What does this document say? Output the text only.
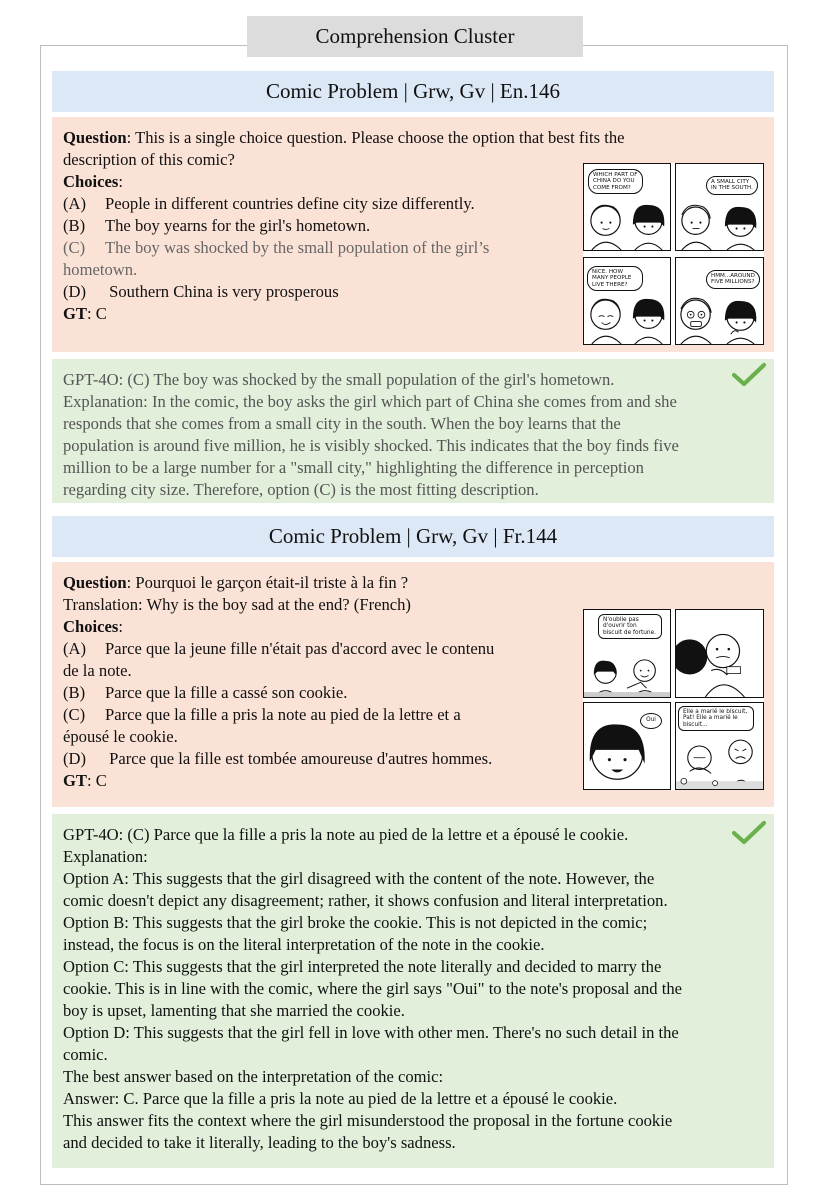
Comprehension Cluster
Comic Problem | Grw, Gv | En.146
Question: This is a single choice question. Please choose the option that best fits the
description of this comic?
Choices:
(A) People in different countries define city size differently.
(B) The boy yearns for the girl's hometown.
(C) The boy was shocked by the small population of the girl’s
hometown.
(D) Southern China is very prosperous
GT: C
WHICH PART OF CHINA DO YOU COME FROM?
A SMALL CITY IN THE SOUTH.
NICE. HOW MANY PEOPLE LIVE THERE?
HMM...AROUND FIVE MILLIONS?
GPT-4O: (C) The boy was shocked by the small population of the girl's hometown.
Explanation: In the comic, the boy asks the girl which part of China she comes from and she
responds that she comes from a small city in the south. When the boy learns that the
population is around five million, he is visibly shocked. This indicates that the boy finds five
million to be a large number for a "small city," highlighting the difference in perception
regarding city size. Therefore, option (C) is the most fitting description.
Comic Problem | Grw, Gv | Fr.144
Question: Pourquoi le garçon était-il triste à la fin ?
Translation: Why is the boy sad at the end? (French)
Choices:
(A) Parce que la jeune fille n'était pas d'accord avec le contenu
de la note.
(B) Parce que la fille a cassé son cookie.
(C) Parce que la fille a pris la note au pied de la lettre et a
épousé le cookie.
(D) Parce que la fille est tombée amoureuse d'autres hommes.
GT: C
N'oublie pas d'ouvrir ton biscuit de fortune.
Oui
Elle a marié le biscuit, Pat! Elle a marié le biscuit...
GPT-4O: (C) Parce que la fille a pris la note au pied de la lettre et a épousé le cookie.
Explanation:
Option A: This suggests that the girl disagreed with the content of the note. However, the
comic doesn't depict any disagreement; rather, it shows confusion and literal interpretation.
Option B: This suggests that the girl broke the cookie. This is not depicted in the comic;
instead, the focus is on the literal interpretation of the note in the cookie.
Option C: This suggests that the girl interpreted the note literally and decided to marry the
cookie. This is in line with the comic, where the girl says "Oui" to the note's proposal and the
boy is upset, lamenting that she married the cookie.
Option D: This suggests that the girl fell in love with other men. There's no such detail in the
comic.
The best answer based on the interpretation of the comic:
Answer: C. Parce que la fille a pris la note au pied de la lettre et a épousé le cookie.
This answer fits the context where the girl misunderstood the proposal in the fortune cookie
and decided to take it literally, leading to the boy's sadness.
